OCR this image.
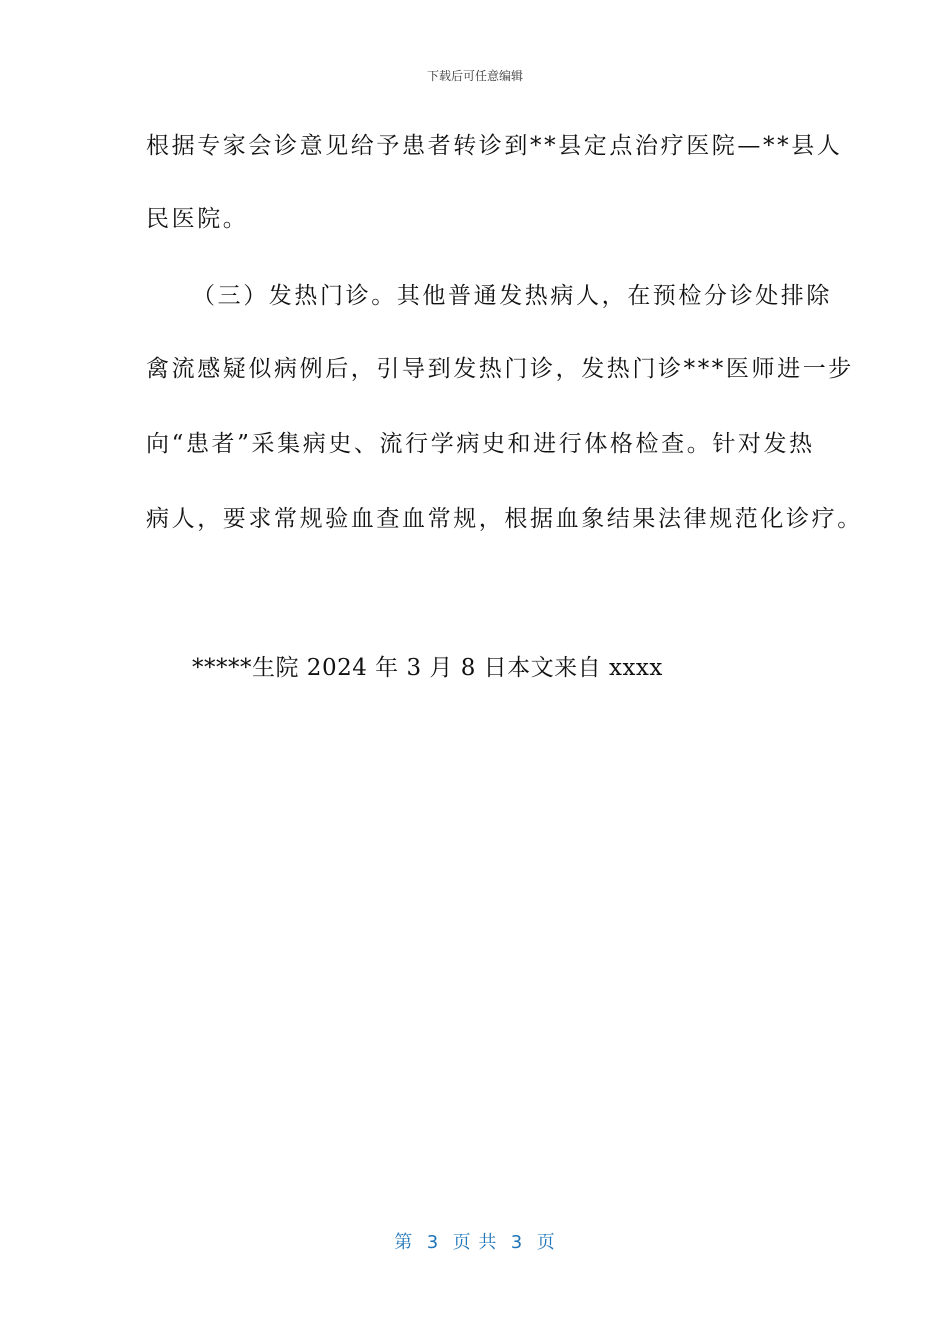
下载后可任意编辑
根据专家会诊意见给予患者转诊到**县定点治疗医院—**县人
民医院。
（三）发热门诊。其他普通发热病人，在预检分诊处排除
禽流感疑似病例后，引导到发热门诊，发热门诊***医师进一步
向“患者”采集病史、流行学病史和进行体格检查。针对发热
病人，要求常规验血查血常规，根据血象结果法律规范化诊疗。
*****生院 2024 年 3 月 8 日本文来自 xxxx
第  3  页 共  3  页
